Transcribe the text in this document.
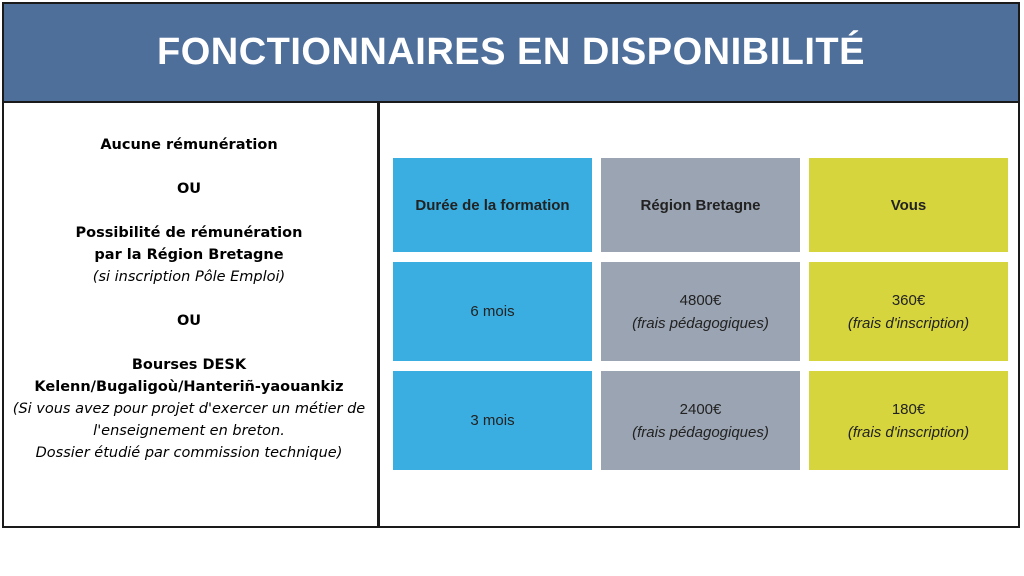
FONCTIONNAIRES EN DISPONIBILITÉ
Aucune rémunération
OU
Possibilité de rémunération
par la Région Bretagne
(si inscription Pôle Emploi)
OU
Bourses DESK
Kelenn/Bugaligoù/Hanteriñ-yaouankiz
(Si vous avez pour projet d'exercer un métier de
l'enseignement en breton.
Dossier étudié par commission technique)
Durée de la formation	Région Bretagne	Vous
6 mois
4800€
(frais pédagogiques)
360€
(frais d'inscription)
3 mois
2400€
(frais pédagogiques)
180€
(frais d'inscription)
